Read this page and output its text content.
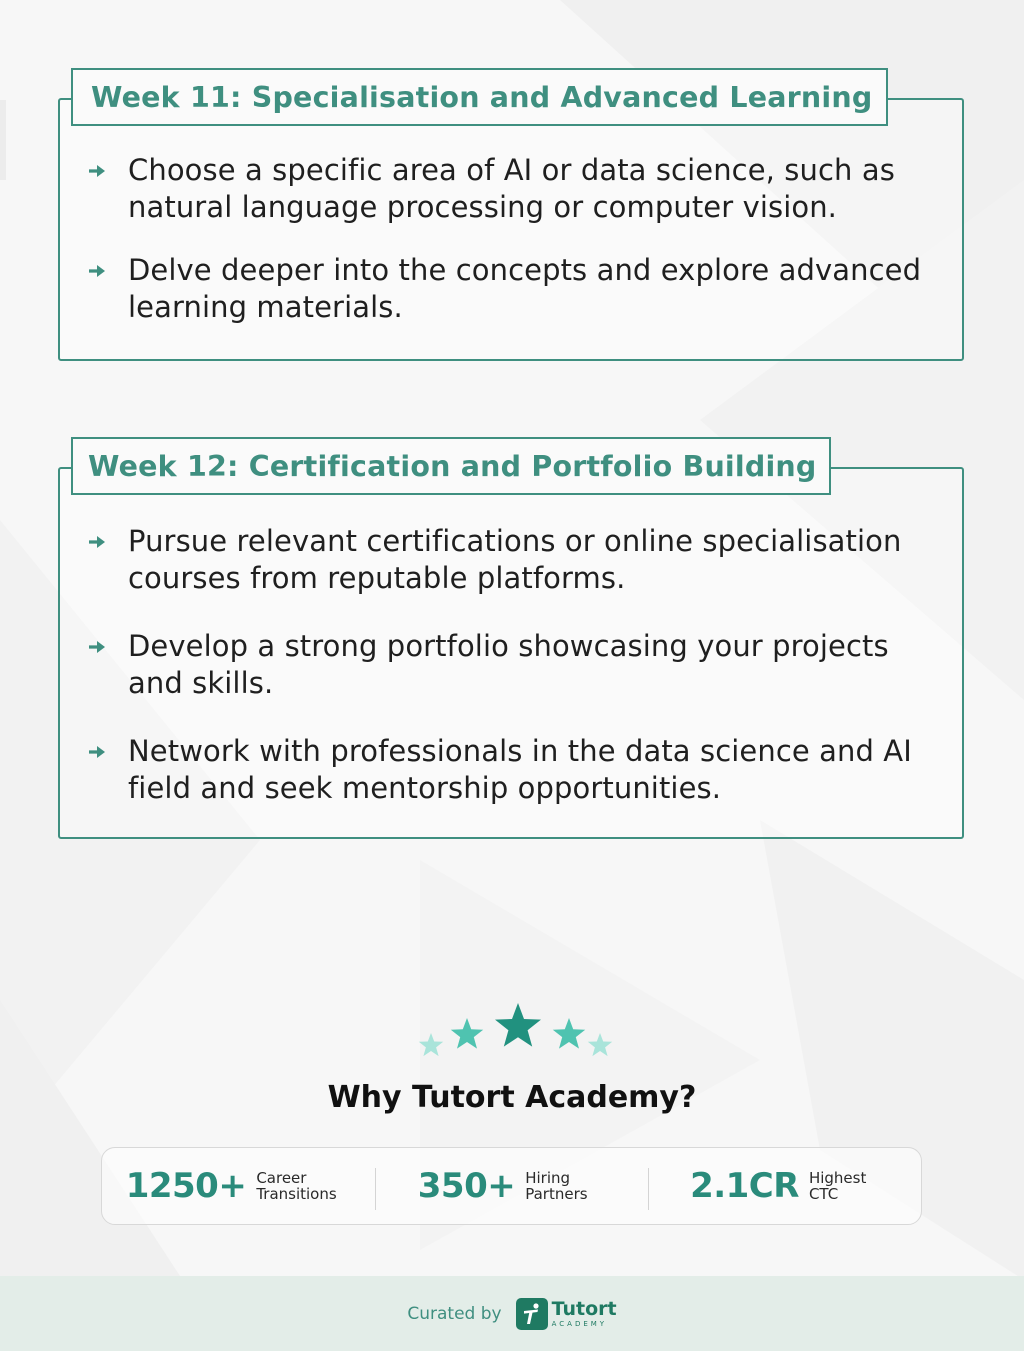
Week 11: Specialisation and Advanced Learning
Choose a specific area of AI or data science, such as natural language processing or computer vision.
Delve deeper into the concepts and explore advanced learning materials.
Week 12: Certification and Portfolio Building
Pursue relevant certifications or online specialisation courses from reputable platforms.
Develop a strong portfolio showcasing your projects and skills.
Network with professionals in the data science and AI field and seek mentorship opportunities.
Why Tutort Academy?
1250+ Career Transitions	350+ Hiring Partners	2.1CR Highest CTC
Curated by	Tutort
ACADEMY
